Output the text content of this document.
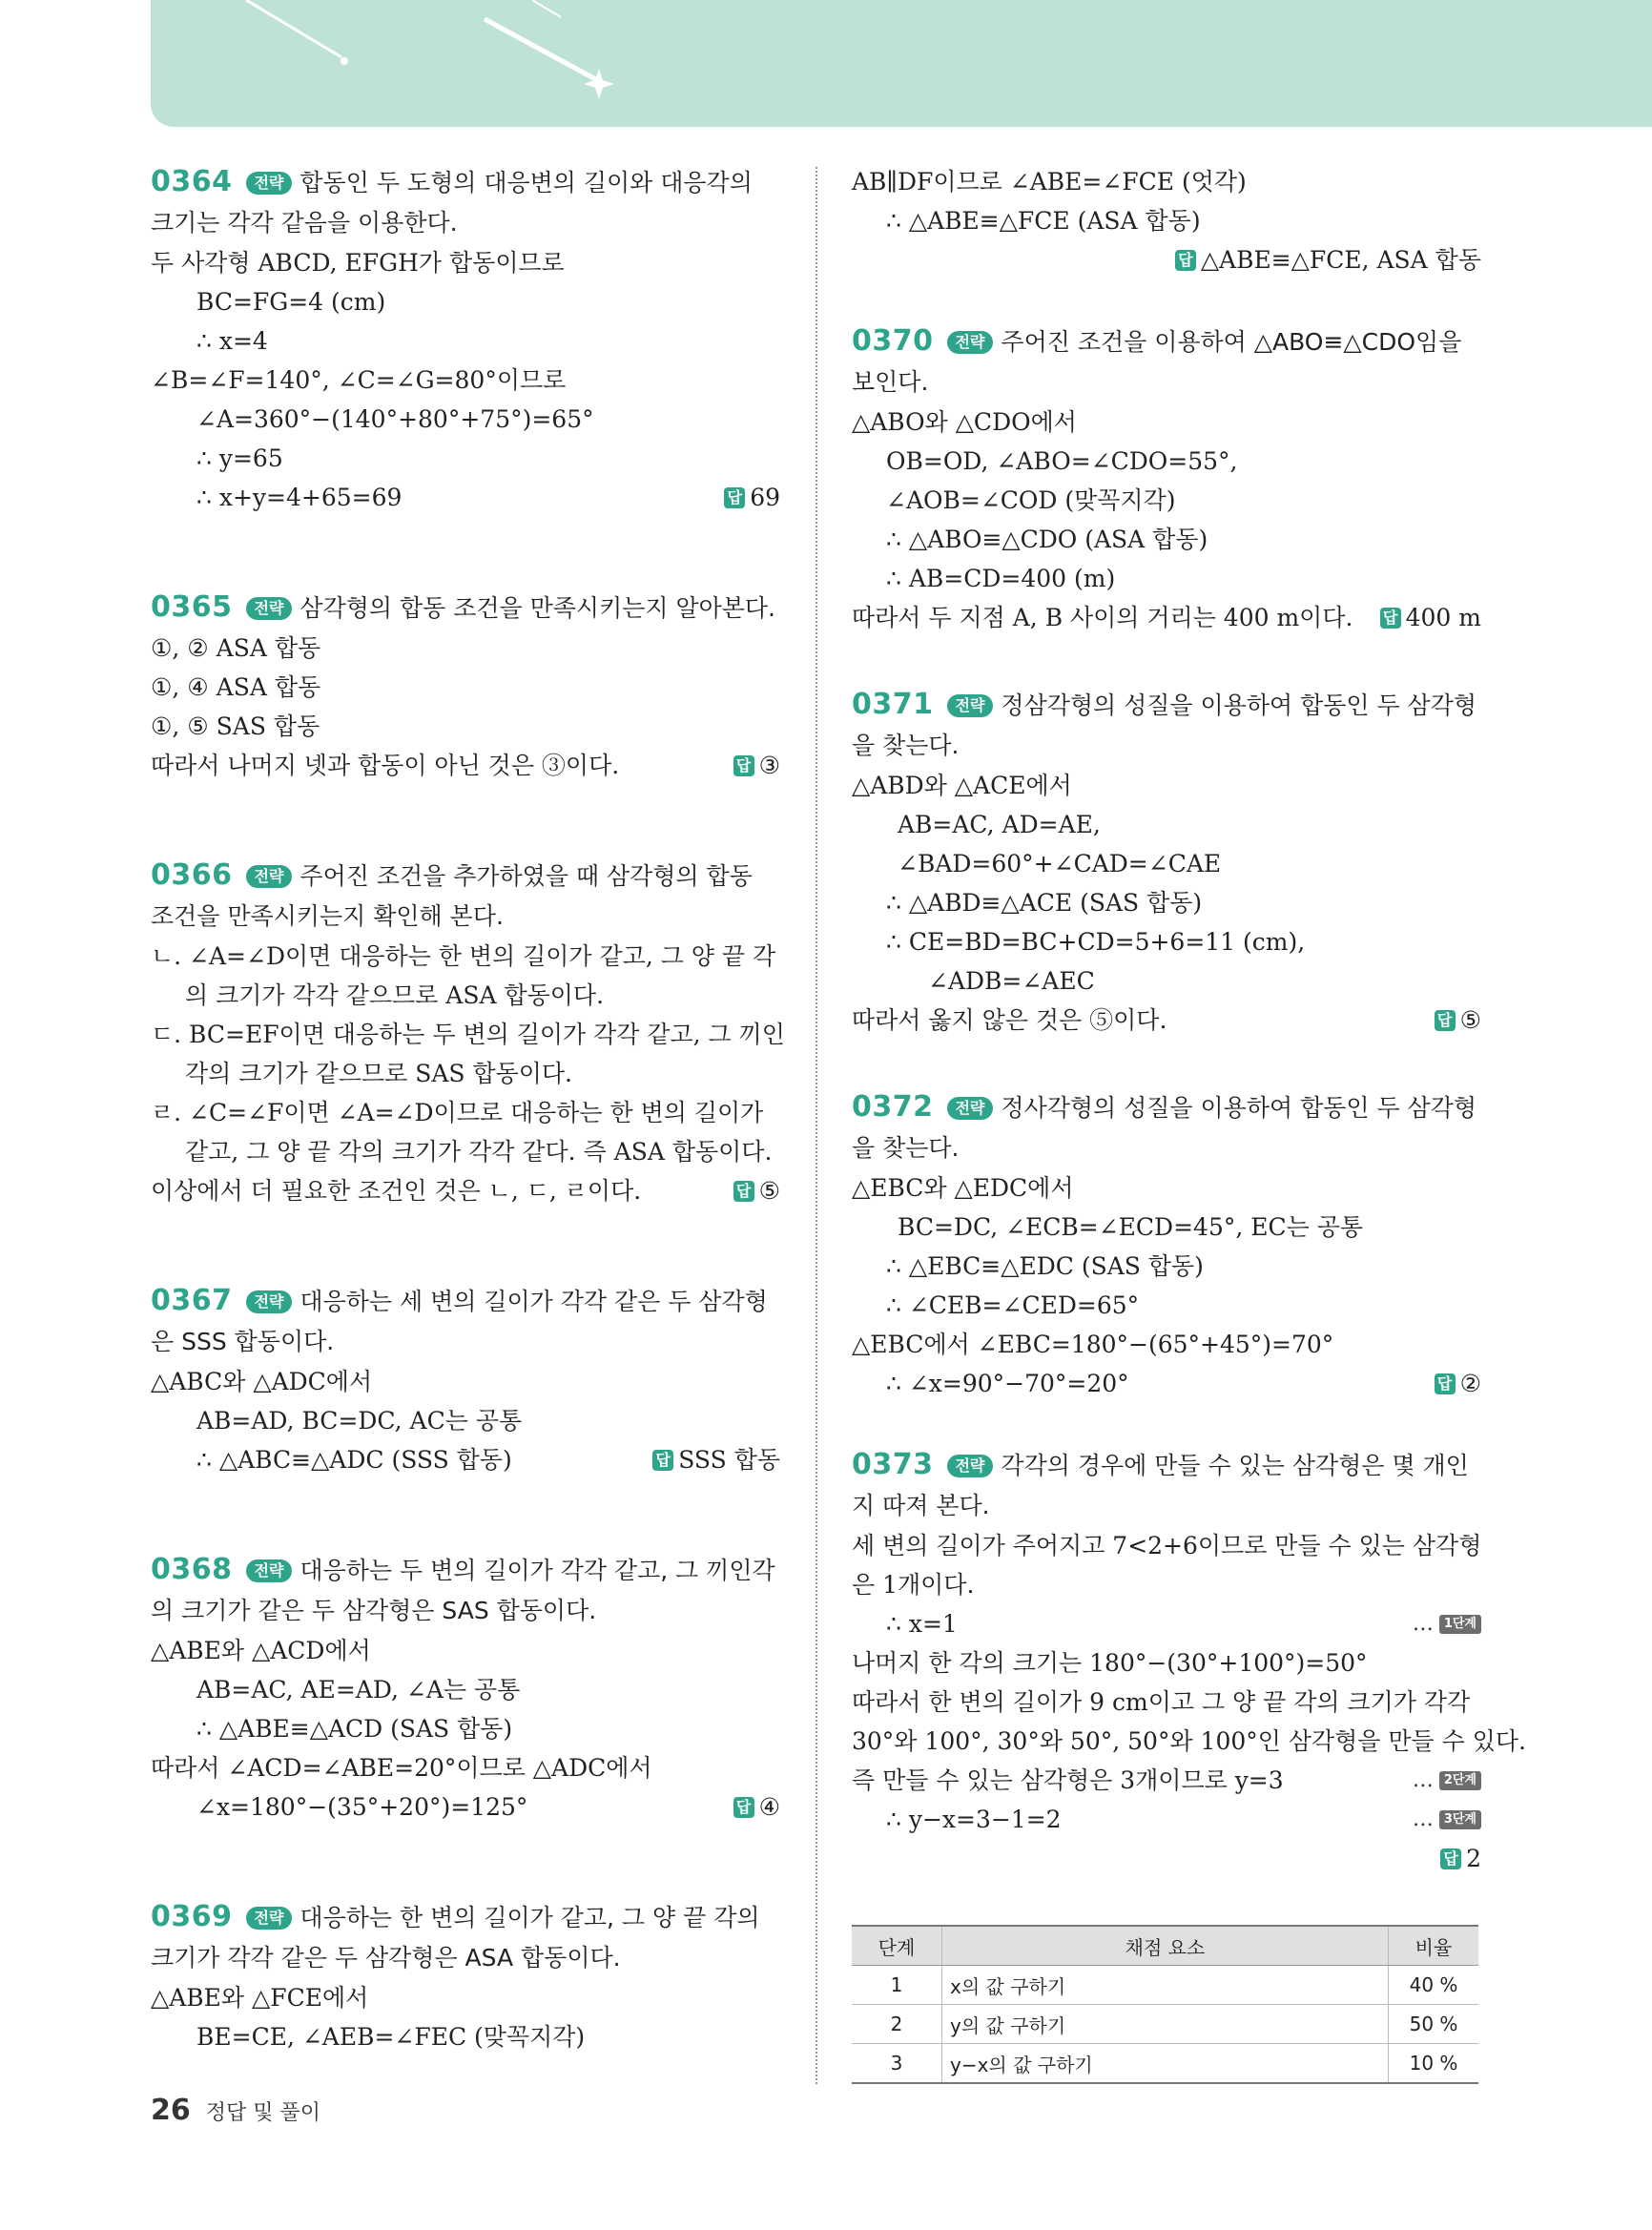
0364 전략 합동인 두 도형의 대응변의 길이와 대응각의 크기는 각각 같음을 이용한다.
두 사각형 ABCD, EFGH가 합동이므로
BC=FG=4 (cm)
∴ x=4
∠B=∠F=140°, ∠C=∠G=80°이므로
∠A=360°−(140°+80°+75°)=65°
∴ y=65
∴ x+y=4+65=69	답 69
0365 전략 삼각형의 합동 조건을 만족시키는지 알아본다.
①, ② ASA 합동
①, ④ ASA 합동
①, ⑤ SAS 합동
따라서 나머지 넷과 합동이 아닌 것은 ③이다.	답 ③
0366 전략 주어진 조건을 추가하였을 때 삼각형의 합동 조건을 만족시키는지 확인해 본다.
ㄴ. ∠A=∠D이면 대응하는 한 변의 길이가 같고, 그 양 끝 각
의 크기가 각각 같으므로 ASA 합동이다.
ㄷ. BC=EF이면 대응하는 두 변의 길이가 각각 같고, 그 끼인
각의 크기가 같으므로 SAS 합동이다.
ㄹ. ∠C=∠F이면 ∠A=∠D이므로 대응하는 한 변의 길이가
같고, 그 양 끝 각의 크기가 각각 같다. 즉 ASA 합동이다.
이상에서 더 필요한 조건인 것은 ㄴ, ㄷ, ㄹ이다.	답 ⑤
0367 전략 대응하는 세 변의 길이가 각각 같은 두 삼각형은 SSS 합동이다.
△ABC와 △ADC에서
AB=AD, BC=DC, AC는 공통
∴ △ABC≡△ADC (SSS 합동)	답 SSS 합동
0368 전략 대응하는 두 변의 길이가 각각 같고, 그 끼인각의 크기가 같은 두 삼각형은 SAS 합동이다.
△ABE와 △ACD에서
AB=AC, AE=AD, ∠A는 공통
∴ △ABE≡△ACD (SAS 합동)
따라서 ∠ACD=∠ABE=20°이므로 △ADC에서
∠x=180°−(35°+20°)=125°	답 ④
0369 전략 대응하는 한 변의 길이가 같고, 그 양 끝 각의 크기가 각각 같은 두 삼각형은 ASA 합동이다.
△ABE와 △FCE에서
BE=CE, ∠AEB=∠FEC (맞꼭지각)
AB∥DF이므로 ∠ABE=∠FCE (엇각)
∴ △ABE≡△FCE (ASA 합동)
답 △ABE≡△FCE, ASA 합동
0370 전략 주어진 조건을 이용하여 △ABO≡△CDO임을 보인다.
△ABO와 △CDO에서
OB=OD, ∠ABO=∠CDO=55°,
∠AOB=∠COD (맞꼭지각)
∴ △ABO≡△CDO (ASA 합동)
∴ AB=CD=400 (m)
따라서 두 지점 A, B 사이의 거리는 400 m이다. 답 400 m
0371 전략 정삼각형의 성질을 이용하여 합동인 두 삼각형을 찾는다.
△ABD와 △ACE에서
AB=AC, AD=AE,
∠BAD=60°+∠CAD=∠CAE
∴ △ABD≡△ACE (SAS 합동)
∴ CE=BD=BC+CD=5+6=11 (cm),
∠ADB=∠AEC
따라서 옳지 않은 것은 ⑤이다.	답 ⑤
0372 전략 정사각형의 성질을 이용하여 합동인 두 삼각형을 찾는다.
△EBC와 △EDC에서
BC=DC, ∠ECB=∠ECD=45°, EC는 공통
∴ △EBC≡△EDC (SAS 합동)
∴ ∠CEB=∠CED=65°
△EBC에서 ∠EBC=180°−(65°+45°)=70°
∴ ∠x=90°−70°=20°	답 ②
0373 전략 각각의 경우에 만들 수 있는 삼각형은 몇 개인지 따져 본다.
세 변의 길이가 주어지고 7<2+6이므로 만들 수 있는 삼각형
은 1개이다.
∴ x=1	… 1단계
나머지 한 각의 크기는 180°−(30°+100°)=50°
따라서 한 변의 길이가 9 cm이고 그 양 끝 각의 크기가 각각
30°와 100°, 30°와 50°, 50°와 100°인 삼각형을 만들 수 있다.
즉 만들 수 있는 삼각형은 3개이므로 y=3	… 2단계
∴ y−x=3−1=2	… 3단계
답 2
단계	채점 요소	비율
1	x의 값 구하기	40 %
2	y의 값 구하기	50 %
3	y−x의 값 구하기	10 %
26 정답 및 풀이
